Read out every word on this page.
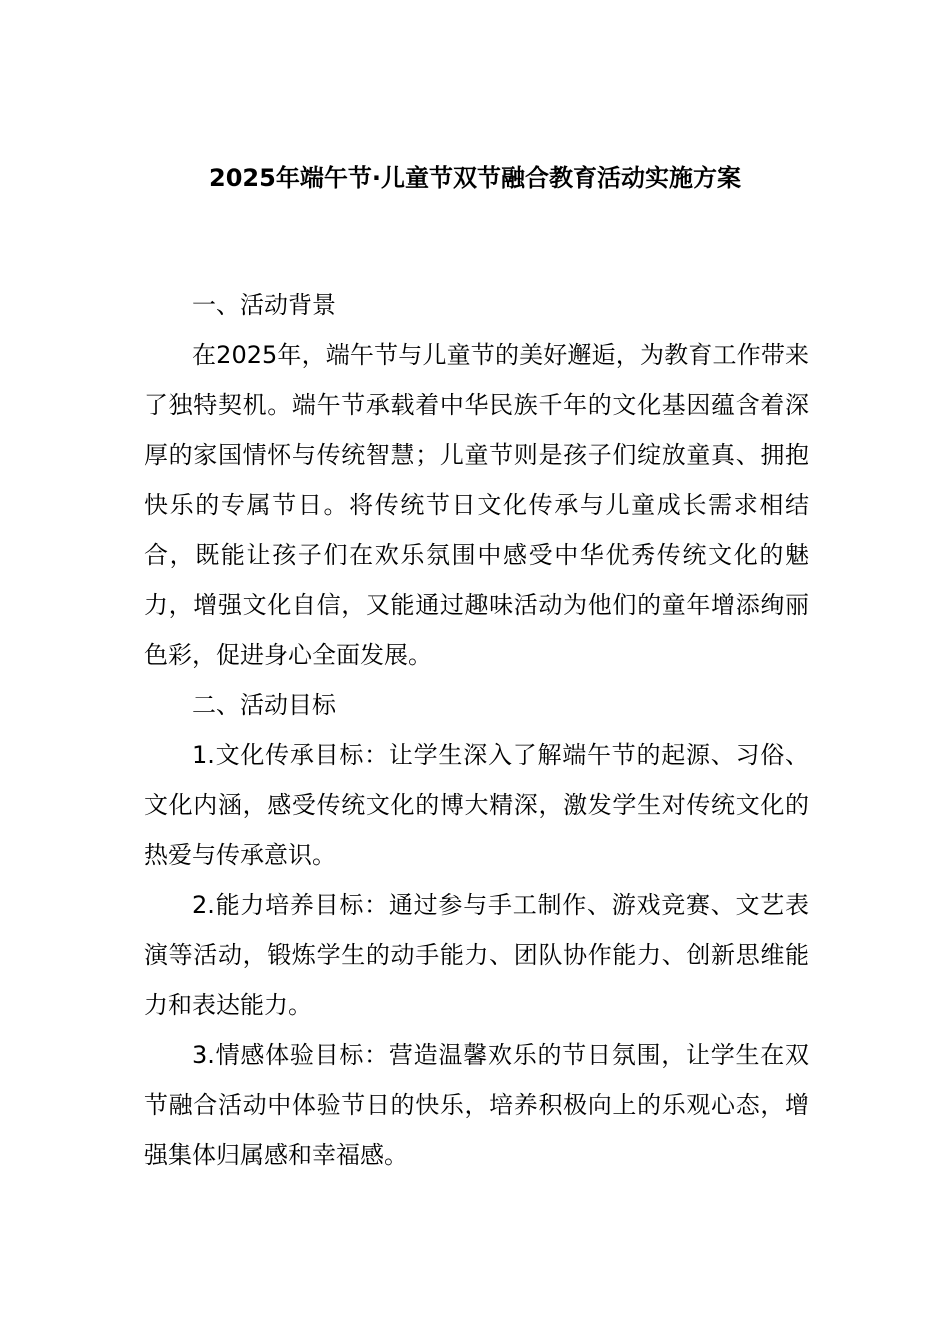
2025年端午节·儿童节双节融合教育活动实施方案

一、活动背景

在2025年，端午节与儿童节的美好邂逅，为教育工作带来了独特契机。端午节承载着中华民族千年的文化基因蕴含着深厚的家国情怀与传统智慧；儿童节则是孩子们绽放童真、拥抱快乐的专属节日。将传统节日文化传承与儿童成长需求相结合，既能让孩子们在欢乐氛围中感受中华优秀传统文化的魅力，增强文化自信，又能通过趣味活动为他们的童年增添绚丽色彩，促进身心全面发展。

二、活动目标

1.文化传承目标：让学生深入了解端午节的起源、习俗、文化内涵，感受传统文化的博大精深，激发学生对传统文化的热爱与传承意识。

2.能力培养目标：通过参与手工制作、游戏竞赛、文艺表演等活动，锻炼学生的动手能力、团队协作能力、创新思维能力和表达能力。

3.情感体验目标：营造温馨欢乐的节日氛围，让学生在双节融合活动中体验节日的快乐，培养积极向上的乐观心态，增强集体归属感和幸福感。
